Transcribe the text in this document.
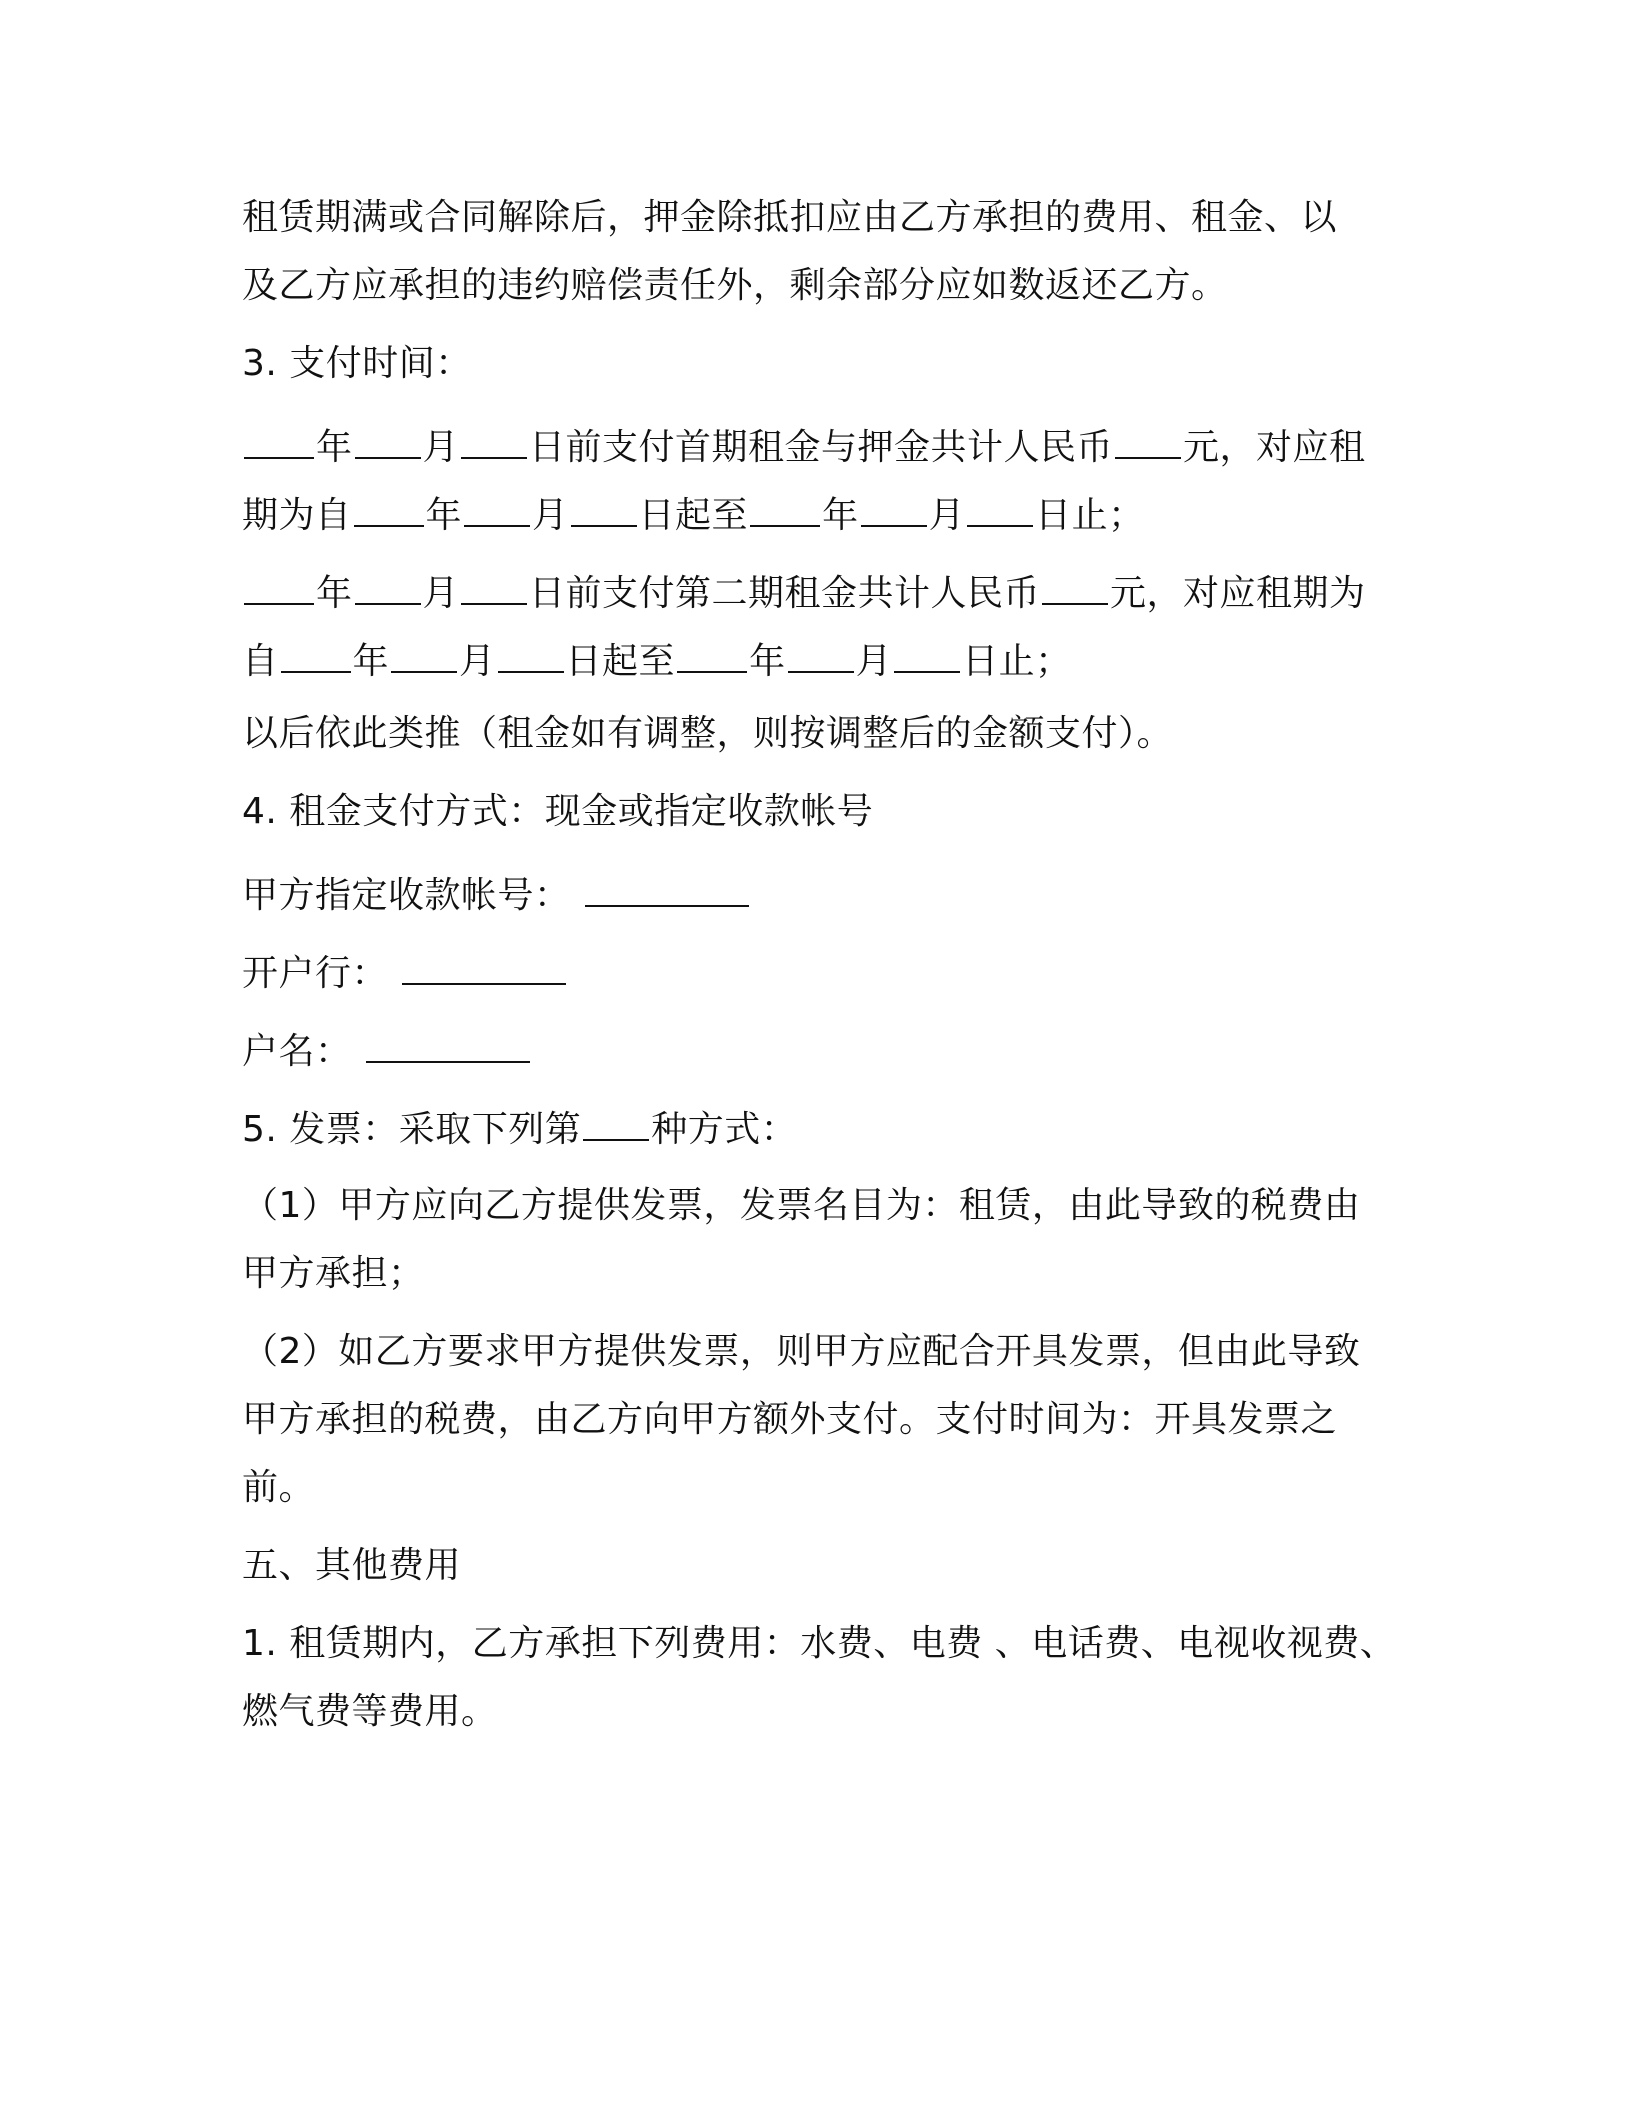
租赁期满或合同解除后，押金除抵扣应由乙方承担的费用、租金、以
及乙方应承担的违约赔偿责任外，剩余部分应如数返还乙方。
3. 支付时间：
年 月 日前支付首期租金与押金共计人民币 元，对应租
期为自 年 月 日起至 年 月 日止；
年 月 日前支付第二期租金共计人民币 元，对应租期为
自 年 月 日起至 年 月 日止；
以后依此类推（租金如有调整，则按调整后的金额支付）。
4. 租金支付方式：现金或指定收款帐号
甲方指定收款帐号：
开户行：
户名：
5. 发票：采取下列第 种方式：
（1）甲方应向乙方提供发票，发票名目为：租赁，由此导致的税费由
甲方承担；
（2）如乙方要求甲方提供发票，则甲方应配合开具发票，但由此导致
甲方承担的税费，由乙方向甲方额外支付。支付时间为：开具发票之
前。
五、其他费用
1. 租赁期内，乙方承担下列费用：水费、电费 、电话费、电视收视费、
燃气费等费用。
